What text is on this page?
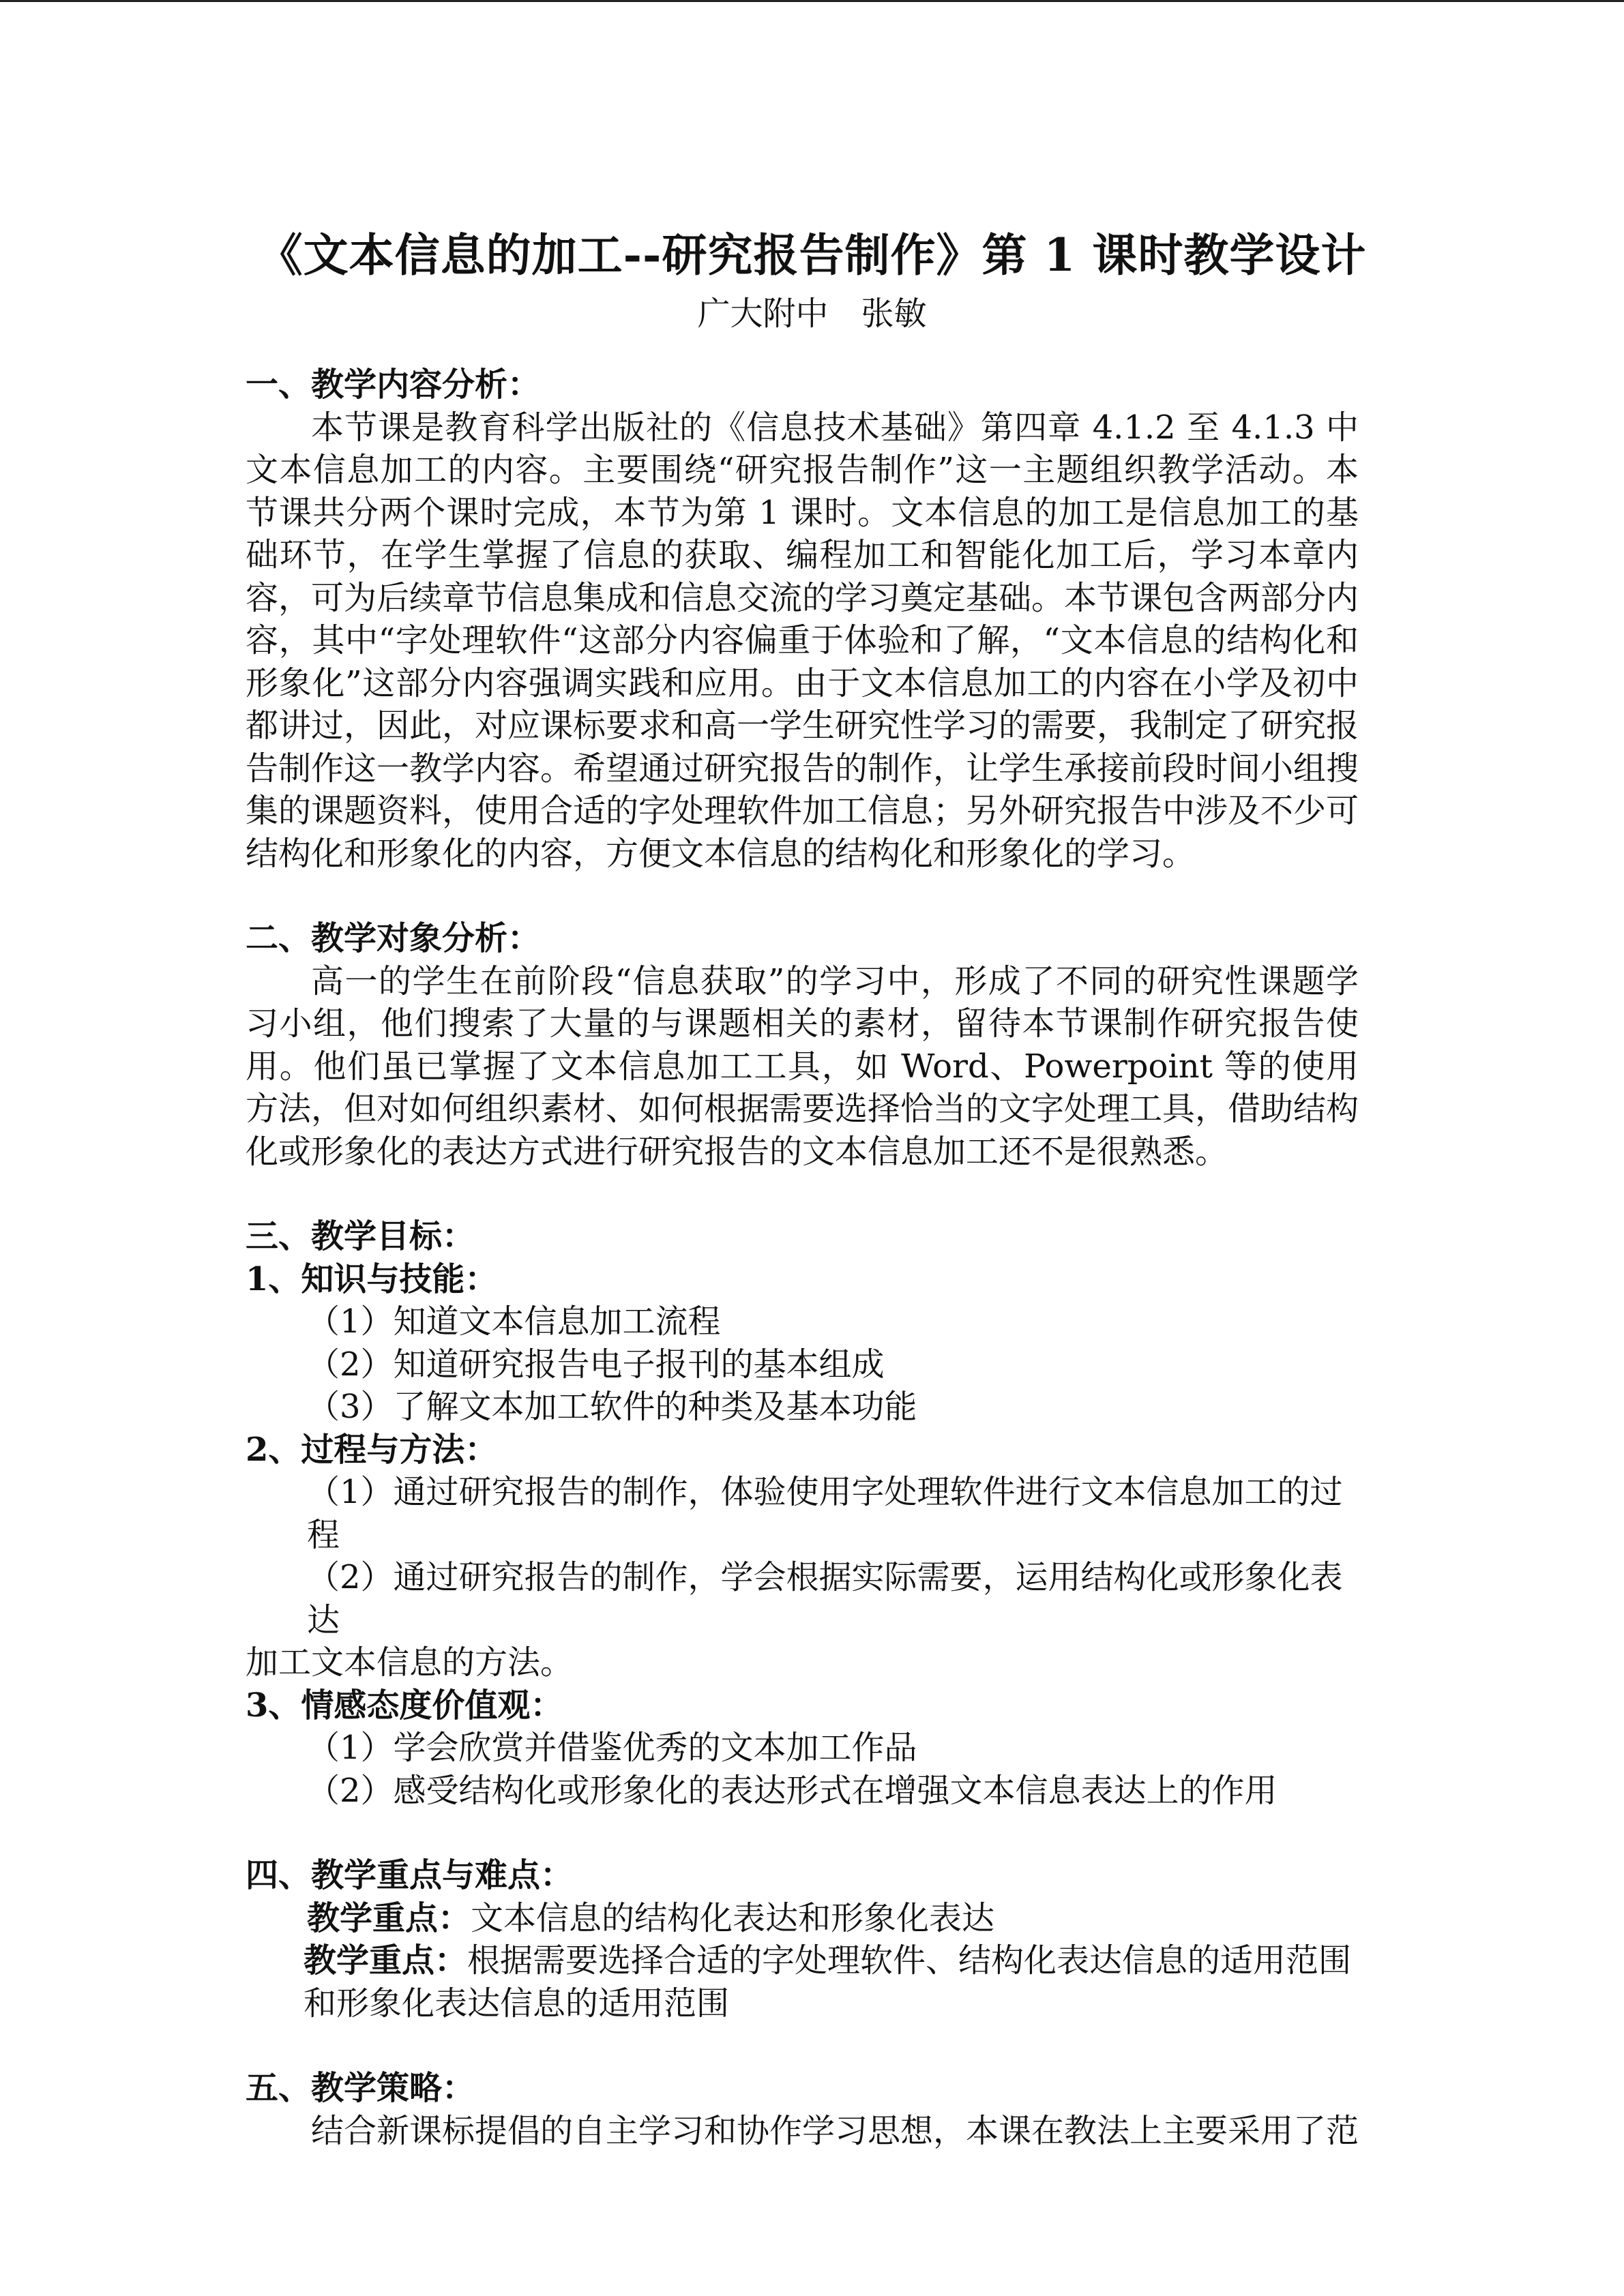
《文本信息的加工--研究报告制作》第 1 课时教学设计
广大附中　张敏
一、教学内容分析：
本节课是教育科学出版社的《信息技术基础》第四章 4.1.2 至 4.1.3 中文本信息加工的内容。主要围绕“研究报告制作”这一主题组织教学活动。本节课共分两个课时完成，本节为第 1 课时。文本信息的加工是信息加工的基础环节，在学生掌握了信息的获取、编程加工和智能化加工后，学习本章内容，可为后续章节信息集成和信息交流的学习奠定基础。本节课包含两部分内容，其中“字处理软件“这部分内容偏重于体验和了解，“文本信息的结构化和形象化”这部分内容强调实践和应用。由于文本信息加工的内容在小学及初中都讲过，因此，对应课标要求和高一学生研究性学习的需要，我制定了研究报告制作这一教学内容。希望通过研究报告的制作，让学生承接前段时间小组搜集的课题资料，使用合适的字处理软件加工信息；另外研究报告中涉及不少可结构化和形象化的内容，方便文本信息的结构化和形象化的学习。
二、教学对象分析：
高一的学生在前阶段“信息获取”的学习中，形成了不同的研究性课题学习小组，他们搜索了大量的与课题相关的素材，留待本节课制作研究报告使用。他们虽已掌握了文本信息加工工具，如 Word、Powerpoint 等的使用方法，但对如何组织素材、如何根据需要选择恰当的文字处理工具，借助结构化或形象化的表达方式进行研究报告的文本信息加工还不是很熟悉。
三、教学目标：
1、知识与技能：
（1）知道文本信息加工流程
（2）知道研究报告电子报刊的基本组成
（3）了解文本加工软件的种类及基本功能
2、过程与方法：
（1）通过研究报告的制作，体验使用字处理软件进行文本信息加工的过程
（2）通过研究报告的制作，学会根据实际需要，运用结构化或形象化表达
加工文本信息的方法。
3、情感态度价值观：
（1）学会欣赏并借鉴优秀的文本加工作品
（2）感受结构化或形象化的表达形式在增强文本信息表达上的作用
四、教学重点与难点：
教学重点：文本信息的结构化表达和形象化表达
教学重点：根据需要选择合适的字处理软件、结构化表达信息的适用范围
和形象化表达信息的适用范围
五、教学策略：
结合新课标提倡的自主学习和协作学习思想，本课在教法上主要采用了范
